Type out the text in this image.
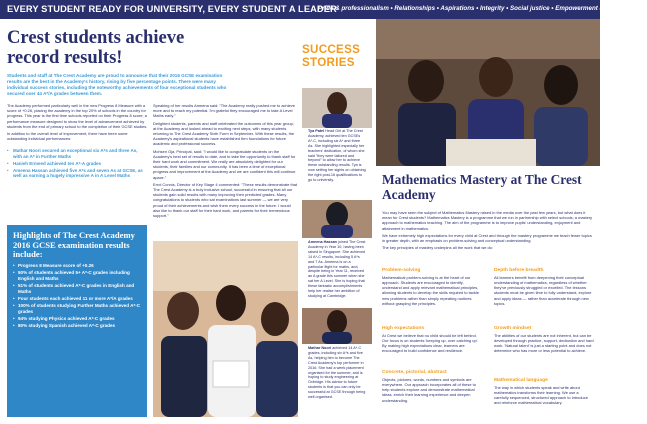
EVERY STUDENT READY FOR UNIVERSITY, EVERY STUDENT A LEADER
Pride & professionalism • Relationships • Aspirations • Integrity • Social justice • Empowerment & accountability
Crest students achieve record results!

Students and staff at The Crest Academy are proud to announce that their 2016 GCSE examination results are the best in the Academy's history, rising by five percentage points. There were many individual success stories, including the noteworthy achievements of four exceptional students who secured over 44 A*/A grades between them.

The Academy performed particularly well in the new Progress 8 Measure with a score of +0.26, placing the academy in the top 20% of schools in the country for progress. This year is the first time schools reported on their Progress 8 score; a performance measure designed to show the level of advancement achieved by students from the end of primary school to the completion of their GCSE studies.

In addition to the overall level of improvement, there have been some outstanding individual performances:

• Mathar Noori secured an exceptional six A*s and three As, with an A* in Further Maths
• Hanieh Ermeed achieved ten A*-A grades
• Ameena Hassan achieved five A*s and seven As at GCSE, as well as earning a hugely impressive A in A Level Maths
Highlights of The Crest Academy 2016 GCSE examination results include:
• Progress 8 Measure score of +0.26
• 50% of students achieved 5+ A*-C grades including English and Maths
• 51% of students achieved A*-C grades in English and Maths
• Four students each achieved 11 or more A*/A grades
• 100% of students studying Further Maths achieved A*-C grades
• 94% studying Physics achieved A*-C grades
• 80% studying Spanish achieved A*-C grades

Speaking of her results Ameena said: "The Academy really pushed me to achieve more and to reach my potential. I'm grateful they encouraged me to take A Level Maths early."

Delighted students, parents and staff celebrated the outcomes of this year group; at the Academy and looked ahead to exciting next steps, with many students returning to The Crest Academy Sixth Form in September. With these results, the Academy's aspirational students have established firm foundations for future academic and professional success.

Mohsen Oja, Principal, said: "I would like to congratulate students on the Academy's best set of results to date, and to take the opportunity to thank staff for their hard work and commitment. We really are absolutely delighted for our students, their families and our community. It has been a time of exceptional progress and improvement at the Academy and we are confident this will continue apace."

Errol Connis, Director of Key Stage 4 commented: "These results demonstrate that The Crest Academy is a truly inclusive school, successful in ensuring that all our students gain solid results with many improving their predicted grades. Many congratulations to students who sat examinations last summer — we are very proud of their achievements and wish them every success in the future. I would also like to thank our staff for their hard work, and parents for their tremendous support."

SUCCESS STORIES

Tya Patel Head Girl at The Crest Academy, achieved ten GCSEs A*-C, including six A* and three As. She highlighted especially her teachers' dedication, of whom she said "they were tailored and beyond" to allow her to achieve these outstanding results. Tya is now setting her sights on obtaining the right post-16 qualifications to go to university.

Ameena Hassan joined The Crest Academy in Year 10, having been raised in Singapore. She achieved 14 A*-C results, including 5 A*s and 7 As. Ameena is on a particular flight for maths, and, despite being in Year 11, received an A grade this summer when she sat her A Level. She is hoping that these fantastic accomplishments help her realise her ambition of studying at Cambridge.

Mathar Noori achieved 14 A*-C grades, including six A*s and five As, helping him to become The Crest Academy's top performer in 2016. She had a week placement organised for the summer, and is hoping to study engineering at Oxbridge. His advice to future students is that you can only be successful at GCSE through being well organised.

Mathematics Mastery at The Crest Academy

You may have seen the subject of Mathematics Mastery raised in the media over the past few years, but what does it mean for Crest students? Mathematics Mastery is a programme that we run in partnership with select schools; a mastery approach to mathematics teaching. The aim of the programme is to improve pupils' understanding, enjoyment and attainment in mathematics.

We have extremely high expectations for every child at Crest and through the mastery programme we teach fewer topics in greater depth, with an emphasis on problem-solving and conceptual understanding.

The key principles of mastery underpins all the work that we do:

Problem-solving

Mathematical problem-solving is at the heart of our approach. Students are encouraged to identify, understand and apply relevant mathematical principles, allowing students to develop the skills required to tackle new problems rather than simply repeating routines without grasping the principles.

Depth before breadth

All learners benefit from deepening their conceptual understanding of mathematics, regardless of whether they've previously struggled or excelled. The lessons students must be given time to fully understand, explore and apply ideas — rather than accelerate through new topics.

High expectations

At Crest we believe that no child should be left behind. Our focus is on students 'keeping up, over catching up'. By making high expectations clear, learners are encouraged to build confidence and resilience.

Growth mindset

The abilities of our students are not inherent, but can be developed through practice, support, dedication and hard work. 'Natural talent' is just a starting point and does not determine who has more or less potential to achieve.

Concrete, pictorial, abstract

Objects, pictures, words, numbers and symbols are everywhere. Our approach incorporates all of these to help students explore and demonstrate mathematical ideas, enrich their learning experience and deepen understanding.

Mathematical language

The way in which students speak and write about mathematics transforms their learning. We use a carefully sequenced, structured approach to introduce and reinforce mathematical vocabulary.
